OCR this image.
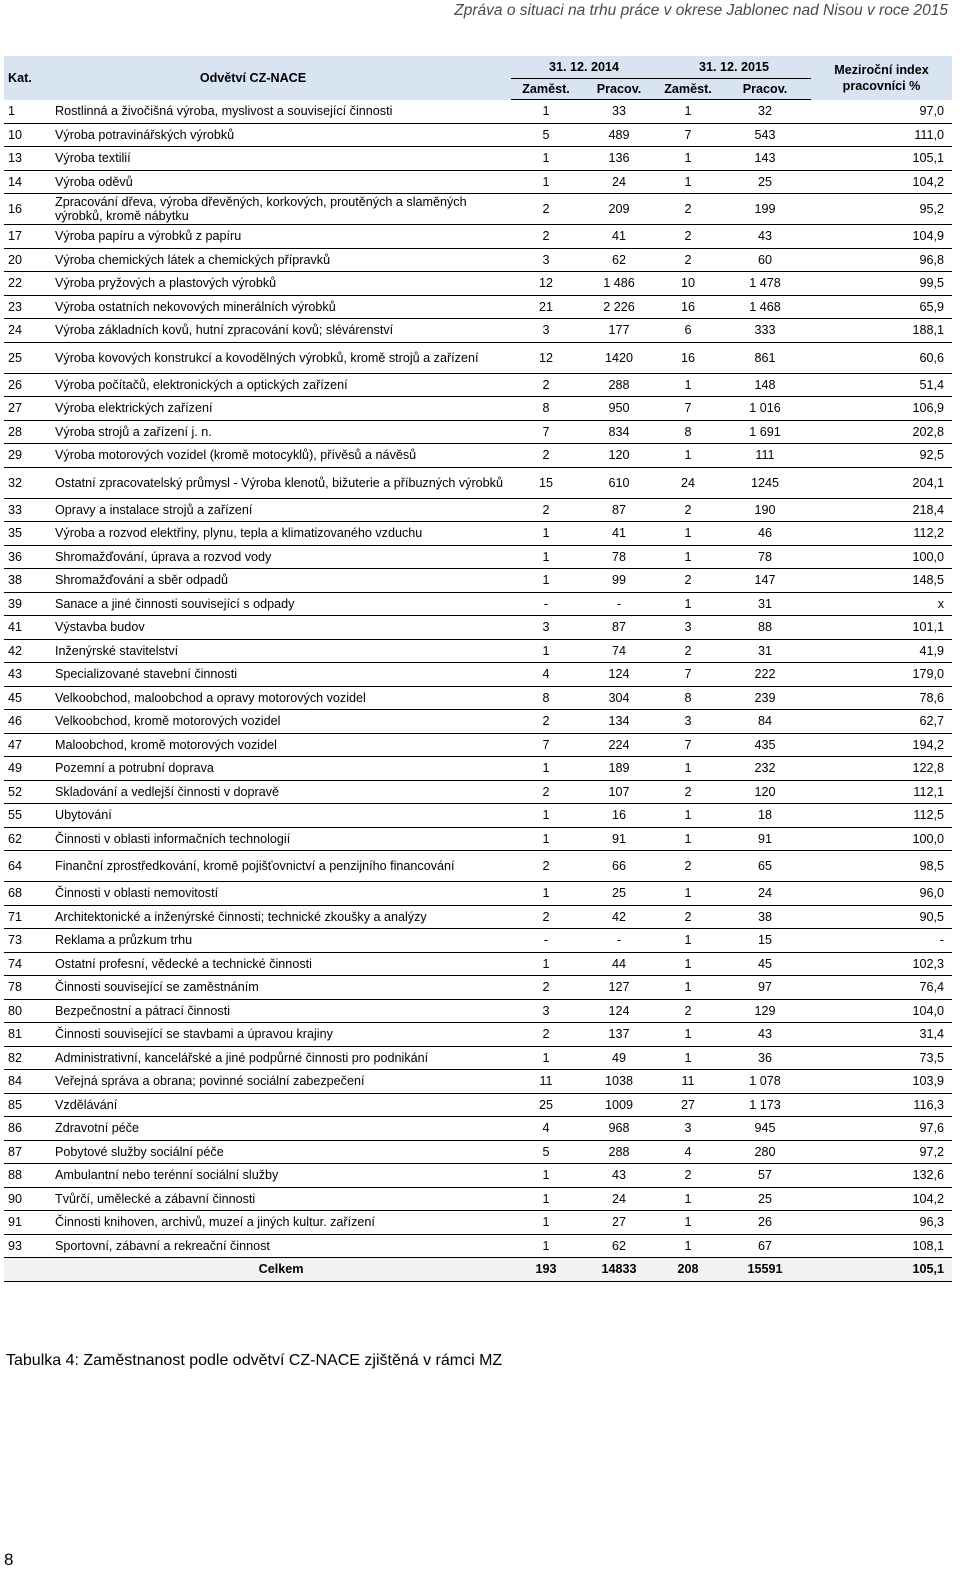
Zpráva o situaci na trhu práce v okrese Jablonec nad Nisou v roce 2015
Kat.	Odvětví CZ-NACE	31. 12. 2014		31. 12. 2015		Meziroční index
pracovníci %

		Zaměst.	Pracov.	Zaměst.	Pracov.	
1	Rostlinná a živočišná výroba, myslivost a související činnosti	1	33	1	32	97,0
10	Výroba potravinářských výrobků	5	489	7	543	111,0
13	Výroba textilií	1	136	1	143	105,1
14	Výroba oděvů	1	24	1	25	104,2
16	Zpracování dřeva, výroba dřevěných, korkových, proutěných a slaměných výrobků, kromě nábytku	2	209	2	199	95,2
17	Výroba papíru a výrobků z papíru	2	41	2	43	104,9
20	Výroba chemických látek a chemických přípravků	3	62	2	60	96,8
22	Výroba pryžových a plastových výrobků	12	1 486	10	1 478	99,5
23	Výroba ostatních nekovových minerálních výrobků	21	2 226	16	1 468	65,9
24	Výroba základních kovů, hutní zpracování kovů; slévárenství	3	177	6	333	188,1
25	Výroba kovových konstrukcí a kovodělných výrobků, kromě strojů a zařízení	12	1420	16	861	60,6
26	Výroba počítačů, elektronických a optických zařízení	2	288	1	148	51,4
27	Výroba elektrických zařízení	8	950	7	1 016	106,9
28	Výroba strojů a zařízení j. n.	7	834	8	1 691	202,8
29	Výroba motorových vozidel (kromě motocyklů), přívěsů a návěsů	2	120	1	111	92,5
32	Ostatní zpracovatelský průmysl - Výroba klenotů, bižuterie a příbuzných výrobků	15	610	24	1245	204,1
33	Opravy a instalace strojů a zařízení	2	87	2	190	218,4
35	Výroba a rozvod elektřiny, plynu, tepla a klimatizovaného vzduchu	1	41	1	46	112,2
36	Shromažďování, úprava a rozvod vody	1	78	1	78	100,0
38	Shromažďování a sběr odpadů	1	99	2	147	148,5
39	Sanace a jiné činnosti související s odpady	-	-	1	31	x
41	Výstavba budov	3	87	3	88	101,1
42	Inženýrské stavitelství	1	74	2	31	41,9
43	Specializované stavební činnosti	4	124	7	222	179,0
45	Velkoobchod, maloobchod a opravy motorových vozidel	8	304	8	239	78,6
46	Velkoobchod, kromě motorových vozidel	2	134	3	84	62,7
47	Maloobchod, kromě motorových vozidel	7	224	7	435	194,2
49	Pozemní a potrubní doprava	1	189	1	232	122,8
52	Skladování a vedlejší činnosti v dopravě	2	107	2	120	112,1
55	Ubytování	1	16	1	18	112,5
62	Činnosti v oblasti informačních technologií	1	91	1	91	100,0
64	Finanční zprostředkování, kromě pojišťovnictví a penzijního financování	2	66	2	65	98,5
68	Činnosti v oblasti nemovitostí	1	25	1	24	96,0
71	Architektonické a inženýrské činnosti; technické zkoušky a analýzy	2	42	2	38	90,5
73	Reklama a průzkum trhu	-	-	1	15	-
74	Ostatní profesní, vědecké a technické činnosti	1	44	1	45	102,3
78	Činnosti související se zaměstnáním	2	127	1	97	76,4
80	Bezpečnostní a pátrací činnosti	3	124	2	129	104,0
81	Činnosti související se stavbami a úpravou krajiny	2	137	1	43	31,4
82	Administrativní, kancelářské a jiné podpůrné činnosti pro podnikání	1	49	1	36	73,5
84	Veřejná správa a obrana; povinné sociální zabezpečení	11	1038	11	1 078	103,9
85	Vzdělávání	25	1009	27	1 173	116,3
86	Zdravotní péče	4	968	3	945	97,6
87	Pobytové služby sociální péče	5	288	4	280	97,2
88	Ambulantní nebo terénní sociální služby	1	43	2	57	132,6
90	Tvůrčí, umělecké a zábavní činnosti	1	24	1	25	104,2
91	Činnosti knihoven, archivů, muzeí a jiných kultur. zařízení	1	27	1	26	96,3
93	Sportovní, zábavní a rekreační činnost	1	62	1	67	108,1
	Celkem	193	14833	208	15591	105,1
Tabulka 4: Zaměstnanost podle odvětví CZ-NACE zjištěná v rámci MZ
8
